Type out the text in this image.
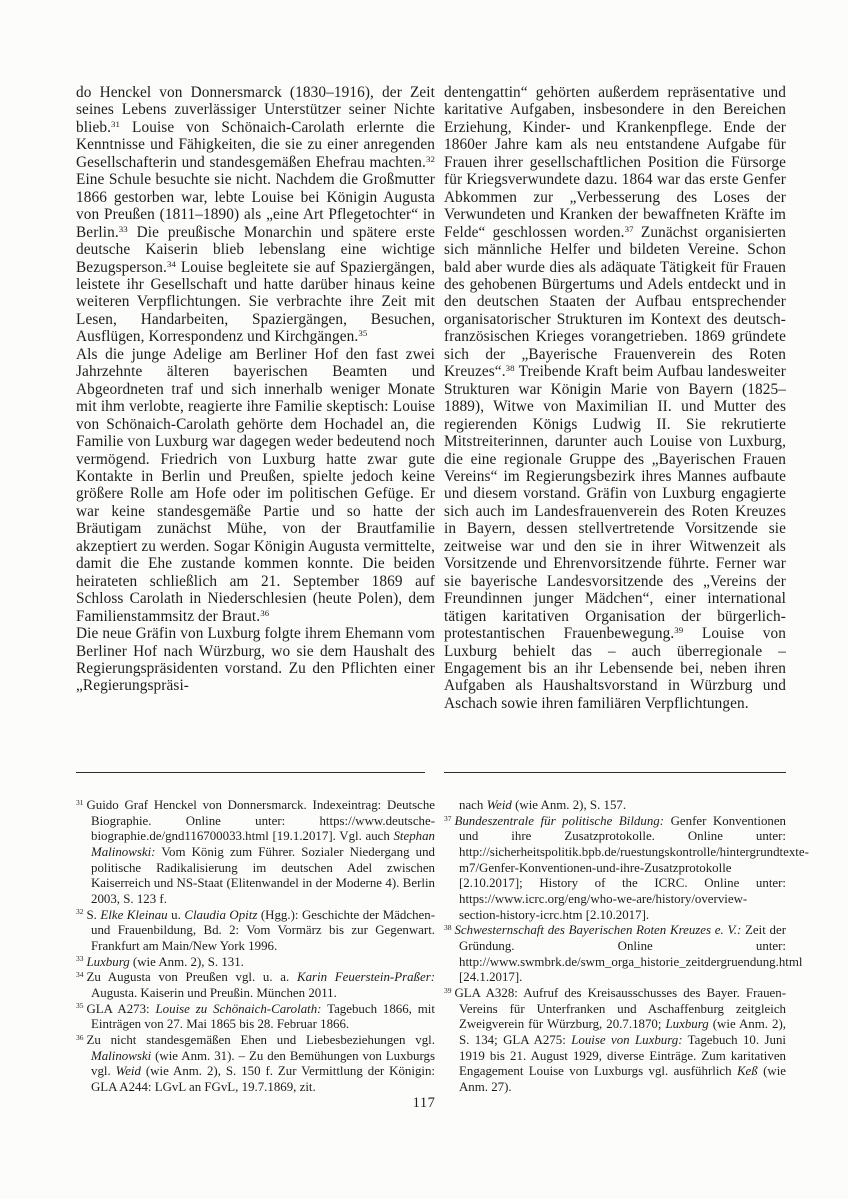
do Henckel von Donnersmarck (1830–1916), der Zeit seines Lebens zuverlässiger Unterstützer seiner Nichte blieb.$^{31}$ Louise von Schönaich-Carolath erlernte die Kenntnisse und Fähigkeiten, die sie zu einer anregenden Gesellschafterin und standesgemäßen Ehefrau machten.$^{32}$ Eine Schule besuchte sie nicht. Nachdem die Großmutter 1866 gestorben war, lebte Louise bei Königin Augusta von Preußen (1811–1890) als „eine Art Pflegetochter“ in Berlin.$^{33}$ Die preußische Monarchin und spätere erste deutsche Kaiserin blieb lebenslang eine wichtige Bezugsperson.$^{34}$ Louise begleitete sie auf Spaziergängen, leistete ihr Gesellschaft und hatte darüber hinaus keine weiteren Verpflichtungen. Sie verbrachte ihre Zeit mit Lesen, Handarbeiten, Spaziergängen, Besuchen, Ausflügen, Korrespondenz und Kirchgängen.$^{35}$

Als die junge Adelige am Berliner Hof den fast zwei Jahrzehnte älteren bayerischen Beamten und Abgeordneten traf und sich innerhalb weniger Monate mit ihm verlobte, reagierte ihre Familie skeptisch: Louise von Schönaich-Carolath gehörte dem Hochadel an, die Familie von Luxburg war dagegen weder bedeutend noch vermögend. Friedrich von Luxburg hatte zwar gute Kontakte in Berlin und Preußen, spielte jedoch keine größere Rolle am Hofe oder im politischen Gefüge. Er war keine standesgemäße Partie und so hatte der Bräutigam zunächst Mühe, von der Brautfamilie akzeptiert zu werden. Sogar Königin Augusta vermittelte, damit die Ehe zustande kommen konnte. Die beiden heirateten schließlich am 21. September 1869 auf Schloss Carolath in Niederschlesien (heute Polen), dem Familienstammsitz der Braut.$^{36}$

Die neue Gräfin von Luxburg folgte ihrem Ehemann vom Berliner Hof nach Würzburg, wo sie dem Haushalt des Regierungspräsidenten vorstand. Zu den Pflichten einer „Regierungspräsi-

dentengattin“ gehörten außerdem repräsentative und karitative Aufgaben, insbesondere in den Bereichen Erziehung, Kinder- und Krankenpflege. Ende der 1860er Jahre kam als neu entstandene Aufgabe für Frauen ihrer gesellschaftlichen Position die Fürsorge für Kriegsverwundete dazu. 1864 war das erste Genfer Abkommen zur „Verbesserung des Loses der Verwundeten und Kranken der bewaffneten Kräfte im Felde“ geschlossen worden.$^{37}$ Zunächst organisierten sich männliche Helfer und bildeten Vereine. Schon bald aber wurde dies als adäquate Tätigkeit für Frauen des gehobenen Bürgertums und Adels entdeckt und in den deutschen Staaten der Aufbau entsprechender organisatorischer Strukturen im Kontext des deutsch-französischen Krieges vorangetrieben. 1869 gründete sich der „Bayerische Frauenverein des Roten Kreuzes“.$^{38}$ Treibende Kraft beim Aufbau landesweiter Strukturen war Königin Marie von Bayern (1825–1889), Witwe von Maximilian II. und Mutter des regierenden Königs Ludwig II. Sie rekrutierte Mitstreiterinnen, darunter auch Louise von Luxburg, die eine regionale Gruppe des „Bayerischen Frauen Vereins“ im Regierungsbezirk ihres Mannes aufbaute und diesem vorstand. Gräfin von Luxburg engagierte sich auch im Landesfrauenverein des Roten Kreuzes in Bayern, dessen stellvertretende Vorsitzende sie zeitweise war und den sie in ihrer Witwenzeit als Vorsitzende und Ehrenvorsitzende führte. Ferner war sie bayerische Landesvorsitzende des „Vereins der Freundinnen junger Mädchen“, einer international tätigen karitativen Organisation der bürgerlich-protestantischen Frauenbewegung.$^{39}$ Louise von Luxburg behielt das – auch überregionale – Engagement bis an ihr Lebensende bei, neben ihren Aufgaben als Haushaltsvorstand in Würzburg und Aschach sowie ihren familiären Verpflichtungen.

$^{31}$ Guido Graf Henckel von Donnersmarck. Indexeintrag: Deutsche Biographie. Online unter: https://www.deutsche-biographie.de/gnd116700033.html [19.1.2017]. Vgl. auch Stephan Malinowski: Vom König zum Führer. Sozialer Niedergang und politische Radikalisierung im deutschen Adel zwischen Kaiserreich und NS-Staat (Elitenwandel in der Moderne 4). Berlin 2003, S. 123 f.

$^{32}$ S. Elke Kleinau u. Claudia Opitz (Hgg.): Geschichte der Mädchen- und Frauenbildung, Bd. 2: Vom Vormärz bis zur Gegenwart. Frankfurt am Main/New York 1996.

$^{33}$ Luxburg (wie Anm. 2), S. 131.

$^{34}$ Zu Augusta von Preußen vgl. u. a. Karin Feuerstein-Praßer: Augusta. Kaiserin und Preußin. München 2011.

$^{35}$ GLA A273: Louise zu Schönaich-Carolath: Tagebuch 1866, mit Einträgen von 27. Mai 1865 bis 28. Februar 1866.

$^{36}$ Zu nicht standesgemäßen Ehen und Liebesbeziehungen vgl. Malinowski (wie Anm. 31). – Zu den Bemühungen von Luxburgs vgl. Weid (wie Anm. 2), S. 150 f. Zur Vermittlung der Königin: GLA A244: LGvL an FGvL, 19.7.1869, zit.

nach Weid (wie Anm. 2), S. 157.

$^{37}$ Bundeszentrale für politische Bildung: Genfer Konventionen und ihre Zusatzprotokolle. Online unter: http://sicherheitspolitik.bpb.de/ruestungskontrolle/hintergrundtexte-m7/Genfer-Konventionen-und-ihre-Zusatzprotokolle [2.10.2017]; History of the ICRC. Online unter: https://www.icrc.org/eng/who-we-are/history/overview-section-history-icrc.htm [2.10.2017].

$^{38}$ Schwesternschaft des Bayerischen Roten Kreuzes e. V.: Zeit der Gründung. Online unter: http://www.swmbrk.de/swm_orga_historie_zeitdergruendung.html [24.1.2017].

$^{39}$ GLA A328: Aufruf des Kreisausschusses des Bayer. Frauen-Vereins für Unterfranken und Aschaffenburg zeitgleich Zweigverein für Würzburg, 20.7.1870; Luxburg (wie Anm. 2), S. 134; GLA A275: Louise von Luxburg: Tagebuch 10. Juni 1919 bis 21. August 1929, diverse Einträge. Zum karitativen Engagement Louise von Luxburgs vgl. ausführlich Keß (wie Anm. 27).

117
